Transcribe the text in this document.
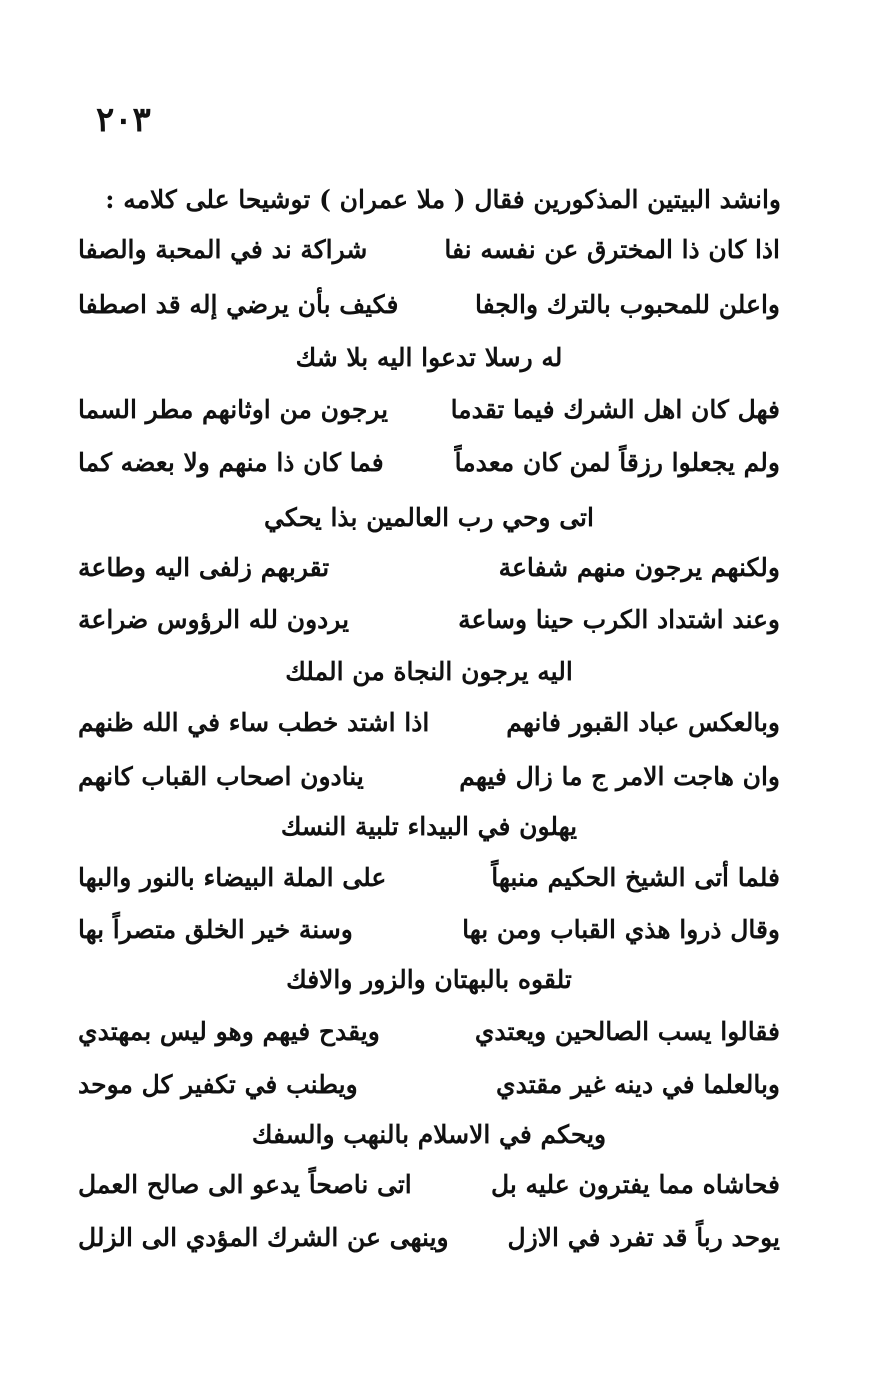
٢٠٣
وانشد البيتين المذكورين فقال ( ملا عمران ) توشيحا على كلامه :
اذا كان ذا المخترق عن نفسه نفا
شراكة ند في المحبة والصفا
واعلن للمحبوب بالترك والجفا
فكيف بأن يرضي إله قد اصطفا
له رسلا تدعوا اليه بلا شك
فهل كان اهل الشرك فيما تقدما
يرجون من اوثانهم مطر السما
ولم يجعلوا رزقاً لمن كان معدماً
فما كان ذا منهم ولا بعضه كما
اتى وحي رب العالمين بذا يحكي
ولكنهم يرجون منهم شفاعة
تقربهم زلفى اليه وطاعة
وعند اشتداد الكرب حينا وساعة
يردون لله الرؤوس ضراعة
اليه يرجون النجاة من الملك
وبالعكس عباد القبور فانهم
اذا اشتد خطب ساء في الله ظنهم
وان هاجت الامر ج ما زال فيهم
ينادون اصحاب القباب كانهم
يهلون في البيداء تلبية النسك
فلما أتى الشيخ الحكيم منبهاً
على الملة البيضاء بالنور والبها
وقال ذروا هذي القباب ومن بها
وسنة خير الخلق متصراً بها
تلقوه بالبهتان والزور والافك
فقالوا يسب الصالحين ويعتدي
ويقدح فيهم وهو ليس بمهتدي
وبالعلما في دينه غير مقتدي
ويطنب في تكفير كل موحد
ويحكم في الاسلام بالنهب والسفك
فحاشاه مما يفترون عليه بل
اتى ناصحاً يدعو الى صالح العمل
يوحد رباً قد تفرد في الازل
وينهى عن الشرك المؤدي الى الزلل
